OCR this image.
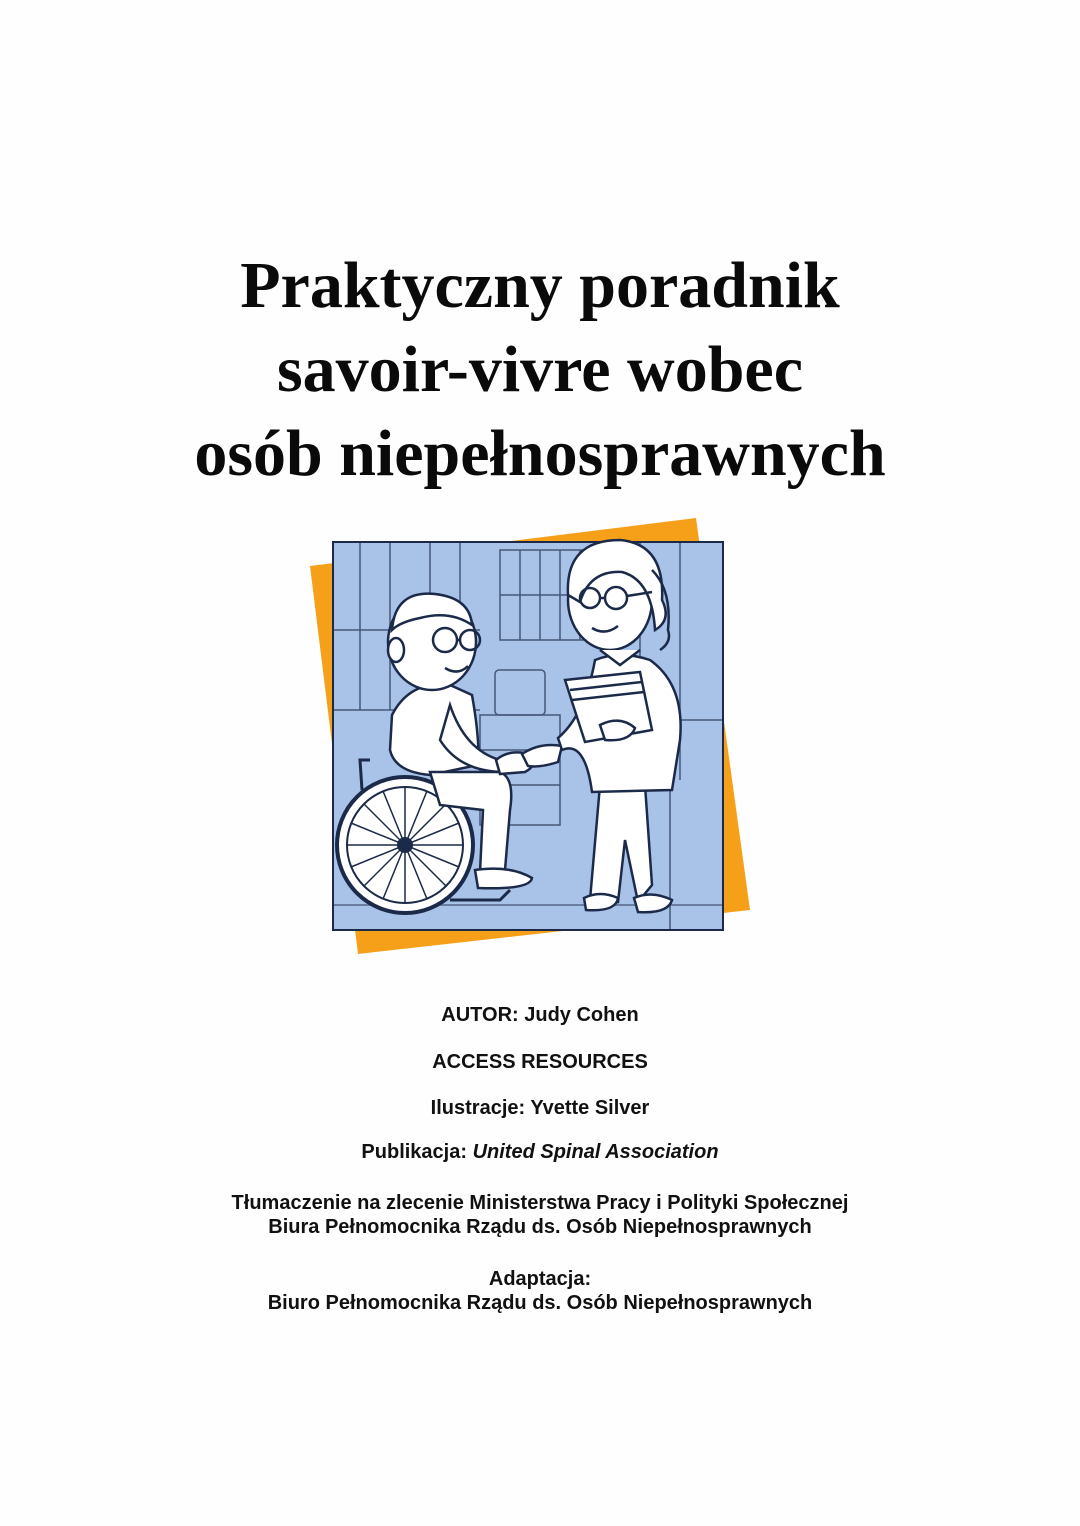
Praktyczny poradnik
savoir-vivre wobec
osób niepełnosprawnych
AUTOR: Judy Cohen
ACCESS RESOURCES
Ilustracje: Yvette Silver
Publikacja: United Spinal Association
Tłumaczenie na zlecenie Ministerstwa Pracy i Polityki Społecznej
Biura Pełnomocnika Rządu ds. Osób Niepełnosprawnych
Adaptacja:
Biuro Pełnomocnika Rządu ds. Osób Niepełnosprawnych
